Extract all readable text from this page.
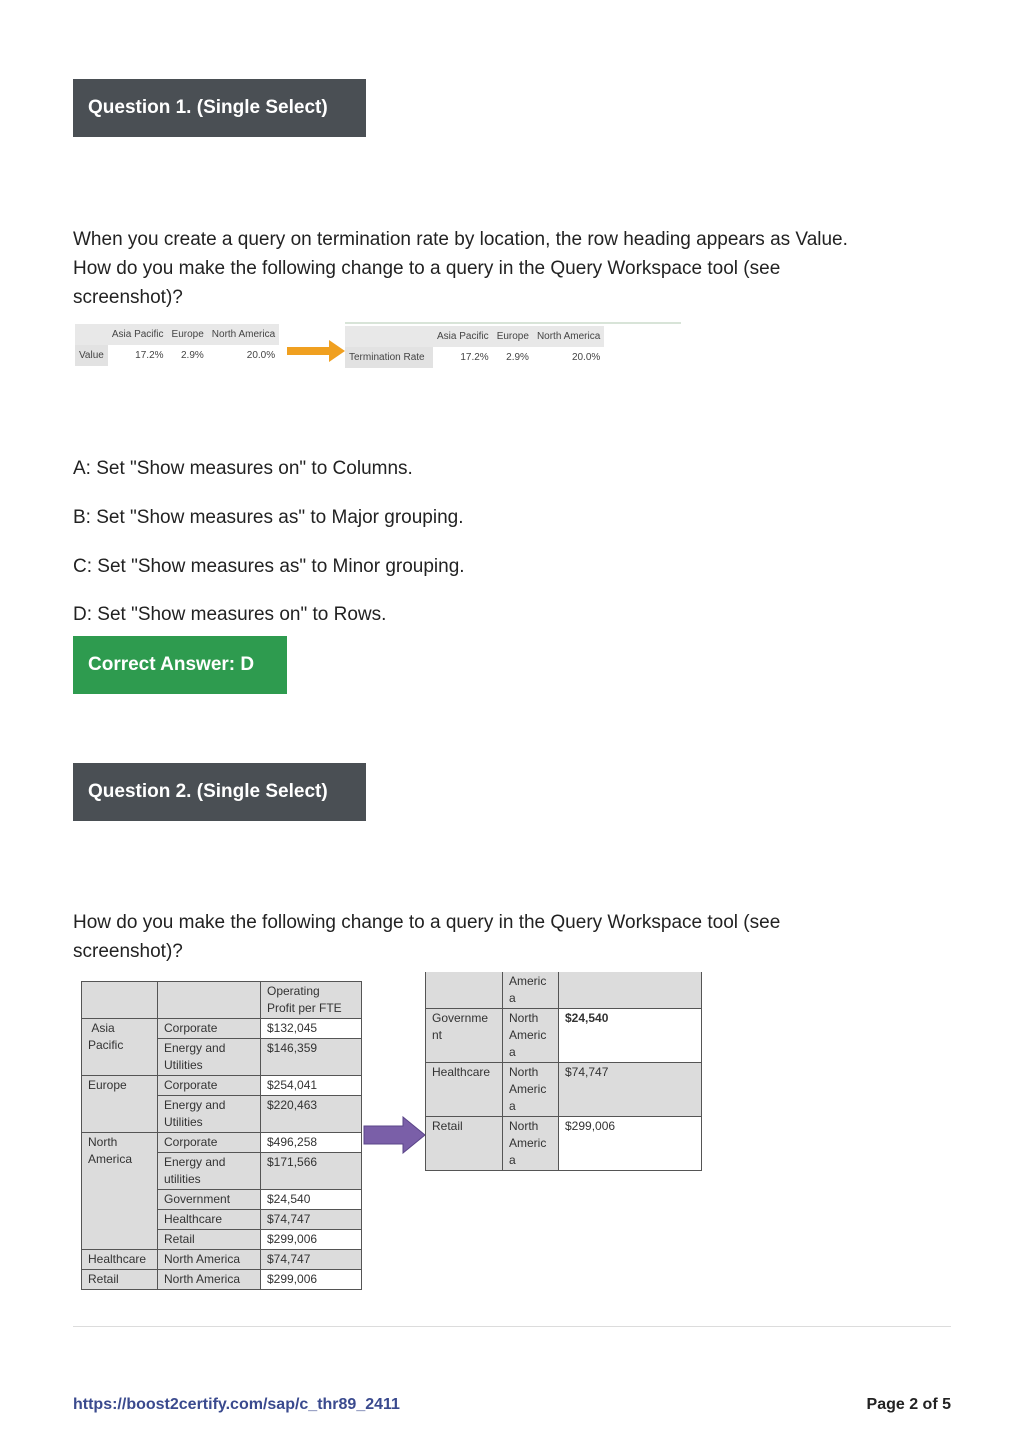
Question 1. (Single Select)

When you create a query on termination rate by location, the row heading appears as Value.
How do you make the following change to a query in the Query Workspace tool (see
screenshot)?

	Asia Pacific	Europe	North America
Value	17.2%	2.9%	20.0%
	Asia Pacific	Europe	North America
Termination Rate	17.2%	2.9%	20.0%
A: Set "Show measures on" to Columns.
B: Set "Show measures as" to Major grouping.
C: Set "Show measures as" to Minor grouping.
D: Set "Show measures on" to Rows.
Correct Answer: D
Question 2. (Single Select)

How do you make the following change to a query in the Query Workspace tool (see
screenshot)?

		Operating
Profit per FTE
Asia
Pacific	Corporate	$132,045
	Energy and
Utilities	$146,359
Europe	Corporate	$254,041
	Energy and
Utilities	$220,463
North
America	Corporate	$496,258
	Energy and
utilities	$171,566
	Government	$24,540
	Healthcare	$74,747
	Retail	$299,006
Healthcare	North America	$74,747
Retail	North America	$299,006
	Americ
a	
Governme
nt	North
Americ
a	$24,540
Healthcare	North
Americ
a	$74,747
Retail	North
Americ
a	$299,006
https://boost2certify.com/sap/c_thr89_2411	Page 2 of 5
